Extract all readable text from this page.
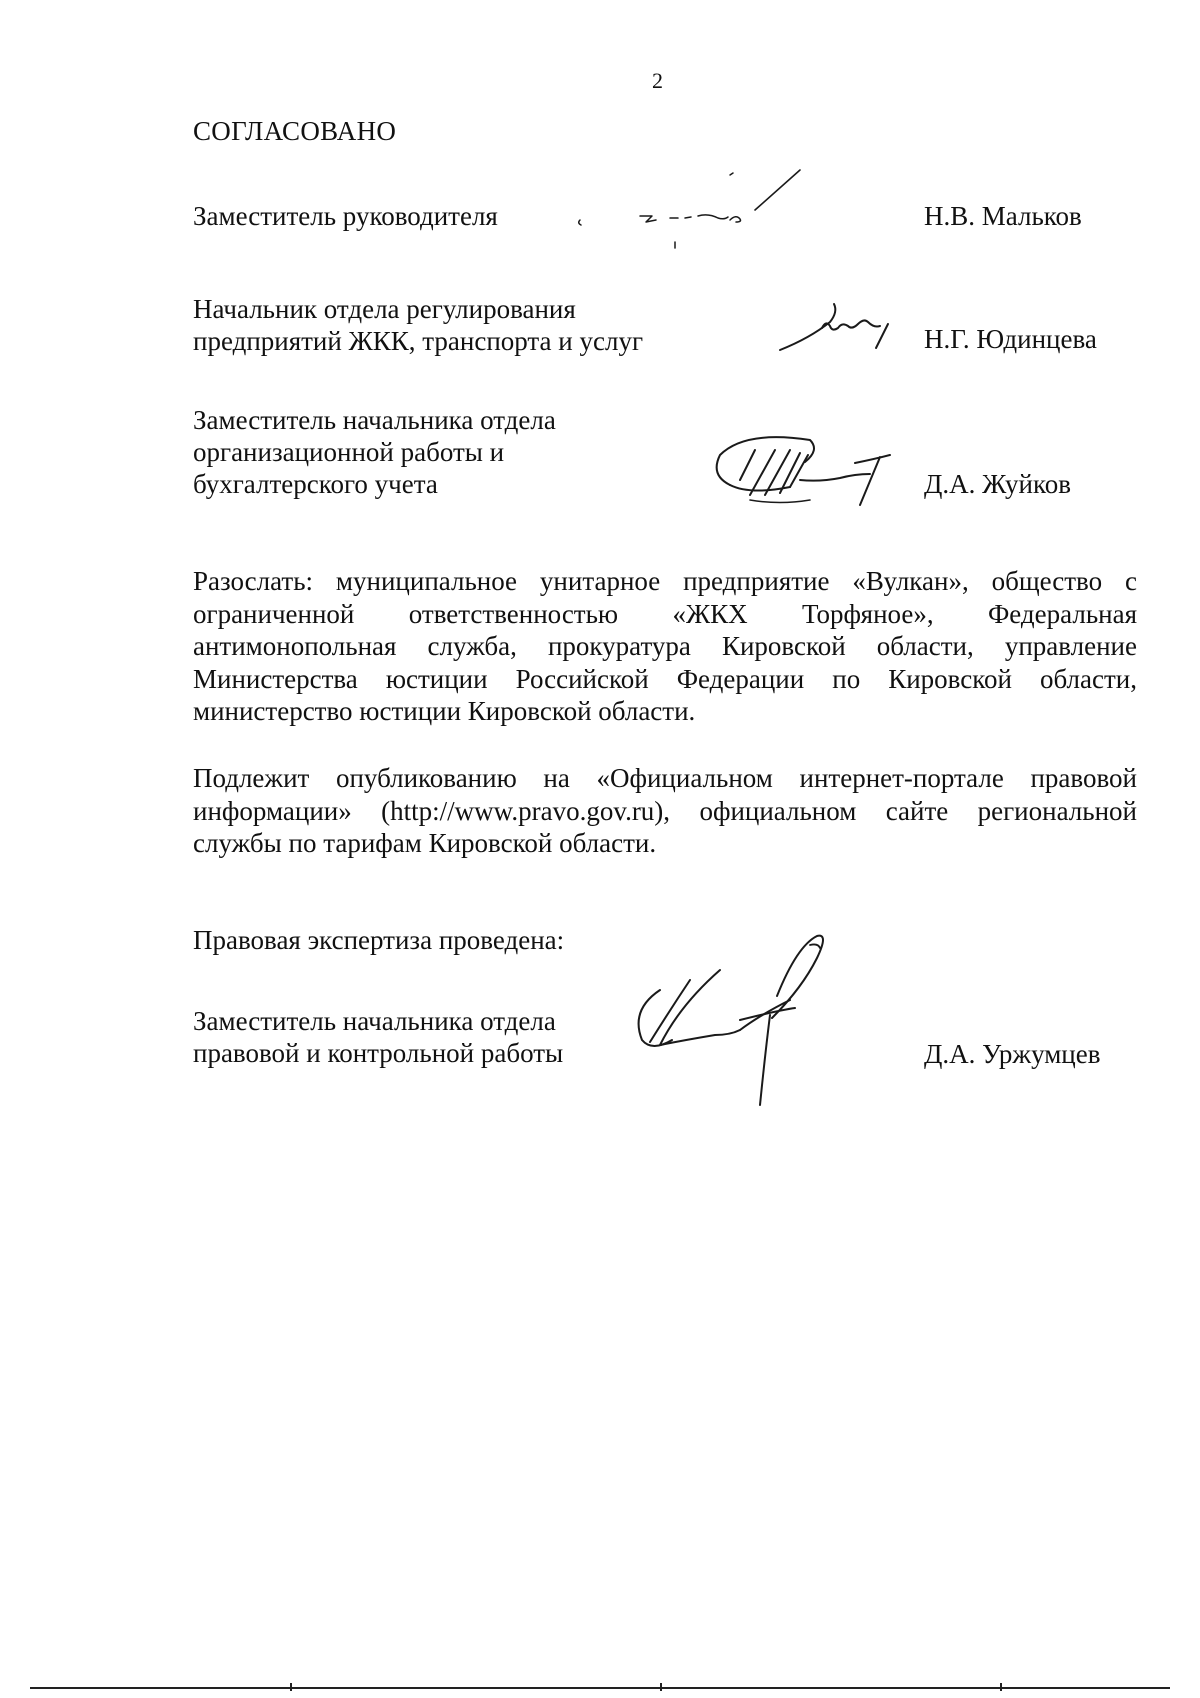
2
СОГЛАСОВАНО
Заместитель руководителя	Н.В. Мальков
Начальник отдела регулирования
предприятий ЖКК, транспорта и услуг	Н.Г. Юдинцева
Заместитель начальника отдела
организационной работы и
бухгалтерского учета	Д.А. Жуйков

Разослать: муниципальное унитарное предприятие «Вулкан», общество с ограниченной ответственностью «ЖКХ Торфяное», Федеральная антимонопольная служба, прокуратура Кировской области, управление Министерства юстиции Российской Федерации по Кировской области, министерство юстиции Кировской области.

Подлежит опубликованию на «Официальном интернет-портале правовой информации» (http://www.pravo.gov.ru), официальном сайте региональной службы по тарифам Кировской области.

Правовая экспертиза проведена:
Заместитель начальника отдела
правовой и контрольной работы	Д.А. Уржумцев
